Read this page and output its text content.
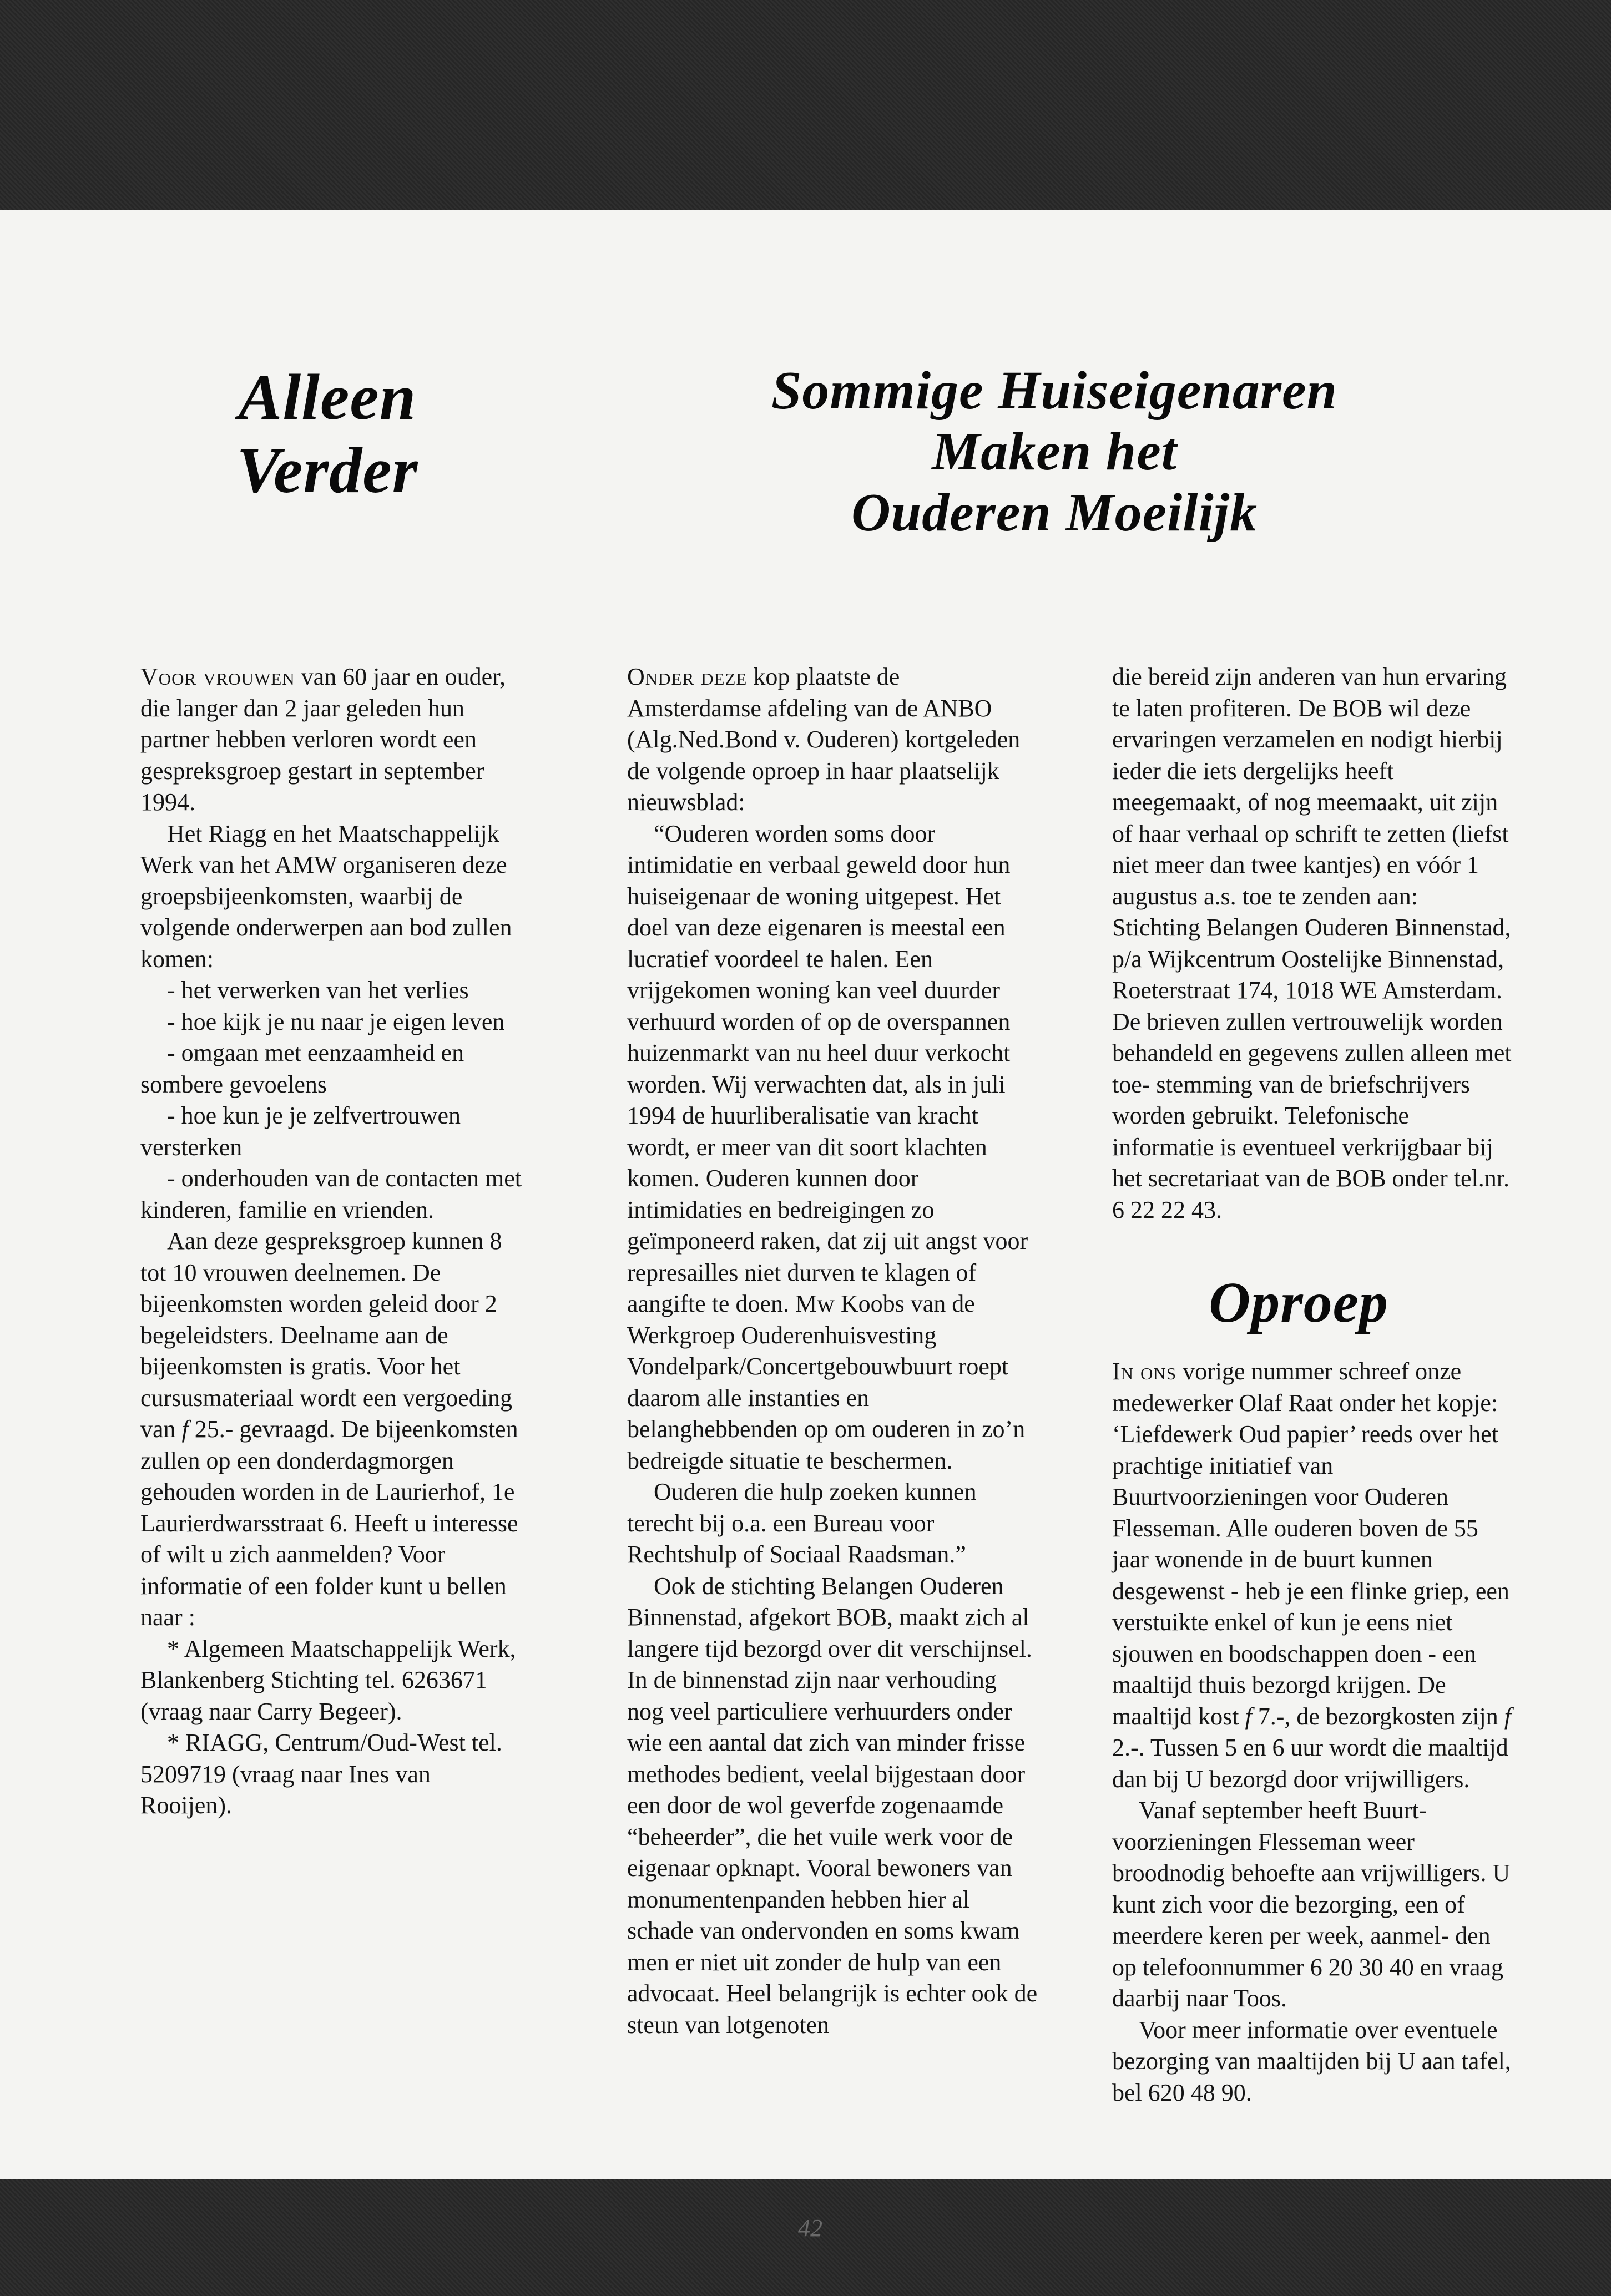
42
Alleen
Verder
Sommige Huiseigenaren
Maken het
Ouderen Moeilijk
Oproep

Voor vrouwen van 60 jaar en ouder, die langer dan 2 jaar geleden hun partner hebben verloren wordt een gespreksgroep gestart in september 1994.

Het Riagg en het Maatschappelijk Werk van het AMW organiseren deze groepsbijeenkomsten, waarbij de volgende onderwerpen aan bod zullen komen:

- het verwerken van het verlies

- hoe kijk je nu naar je eigen leven

- omgaan met eenzaamheid en sombere gevoelens

- hoe kun je je zelfvertrouwen versterken

- onderhouden van de contacten met kinderen, familie en vrienden.

Aan deze gespreksgroep kunnen 8 tot 10 vrouwen deelnemen. De bijeenkomsten worden geleid door 2 begeleidsters. Deelname aan de bijeenkomsten is gratis. Voor het cursusmateriaal wordt een vergoeding van f 25.- gevraagd. De bijeenkomsten zullen op een donderdagmorgen gehouden worden in de Laurierhof, 1e Laurierdwarsstraat 6. Heeft u interesse of wilt u zich aanmelden? Voor informatie of een folder kunt u bellen naar :

* Algemeen Maatschappelijk Werk, Blankenberg Stichting tel. 6263671 (vraag naar Carry Begeer).

* RIAGG, Centrum/Oud-West tel. 5209719 (vraag naar Ines van Rooijen).

Onder deze kop plaatste de Amsterdamse afdeling van de ANBO (Alg.Ned.Bond v. Ouderen) kortgeleden de volgende oproep in haar plaatselijk nieuwsblad:

“Ouderen worden soms door intimidatie en verbaal geweld door hun huiseigenaar de woning uitgepest. Het doel van deze eigenaren is meestal een lucratief voordeel te halen. Een vrijgekomen woning kan veel duurder verhuurd worden of op de overspannen huizenmarkt van nu heel duur verkocht worden. Wij verwachten dat, als in juli 1994 de huurliberalisatie van kracht wordt, er meer van dit soort klachten komen. Ouderen kunnen door intimidaties en bedreigingen zo geïmponeerd raken, dat zij uit angst voor represailles niet durven te klagen of aangifte te doen. Mw Koobs van de Werkgroep Ouderenhuisvesting Vondelpark/Concertgebouwbuurt roept daarom alle instanties en belanghebbenden op om ouderen in zo’n bedreigde situatie te beschermen.

Ouderen die hulp zoeken kunnen terecht bij o.a. een Bureau voor Rechtshulp of Sociaal Raadsman.”

Ook de stichting Belangen Ouderen Binnenstad, afgekort BOB, maakt zich al langere tijd bezorgd over dit verschijnsel. In de binnenstad zijn naar verhouding nog veel particuliere verhuurders onder wie een aantal dat zich van minder frisse methodes bedient, veelal bijgestaan door een door de wol geverfde zogenaamde “beheerder”, die het vuile werk voor de eigenaar opknapt. Vooral bewoners van monumentenpanden hebben hier al schade van ondervonden en soms kwam men er niet uit zonder de hulp van een advocaat. Heel belangrijk is echter ook de steun van lotgenoten

die bereid zijn anderen van hun ervaring te laten profiteren. De BOB wil deze ervaringen verzamelen en nodigt hierbij ieder die iets dergelijks heeft meegemaakt, of nog meemaakt, uit zijn of haar verhaal op schrift te zetten (liefst niet meer dan twee kantjes) en vóór 1 augustus a.s. toe te zenden aan: Stichting Belangen Ouderen Binnenstad, p/a Wijkcentrum Oostelijke Binnenstad, Roeterstraat 174, 1018 WE Amsterdam. De brieven zullen vertrouwelijk worden behandeld en gegevens zullen alleen met toe- stemming van de briefschrijvers worden gebruikt. Telefonische informatie is eventueel verkrijgbaar bij het secretariaat van de BOB onder tel.nr. 6 22 22 43.

In ons vorige nummer schreef onze medewerker Olaf Raat onder het kopje: ‘Liefdewerk Oud papier’ reeds over het prachtige initiatief van Buurtvoorzieningen voor Ouderen Flesseman. Alle ouderen boven de 55 jaar wonende in de buurt kunnen desgewenst - heb je een flinke griep, een verstuikte enkel of kun je eens niet sjouwen en boodschappen doen - een maaltijd thuis bezorgd krijgen. De maaltijd kost f 7.-, de bezorgkosten zijn f 2.-. Tussen 5 en 6 uur wordt die maaltijd dan bij U bezorgd door vrijwilligers.

Vanaf september heeft Buurt- voorzieningen Flesseman weer broodnodig behoefte aan vrijwilligers. U kunt zich voor die bezorging, een of meerdere keren per week, aanmel- den op telefoonnummer 6 20 30 40 en vraag daarbij naar Toos.

Voor meer informatie over eventuele bezorging van maaltijden bij U aan tafel, bel 620 48 90.
